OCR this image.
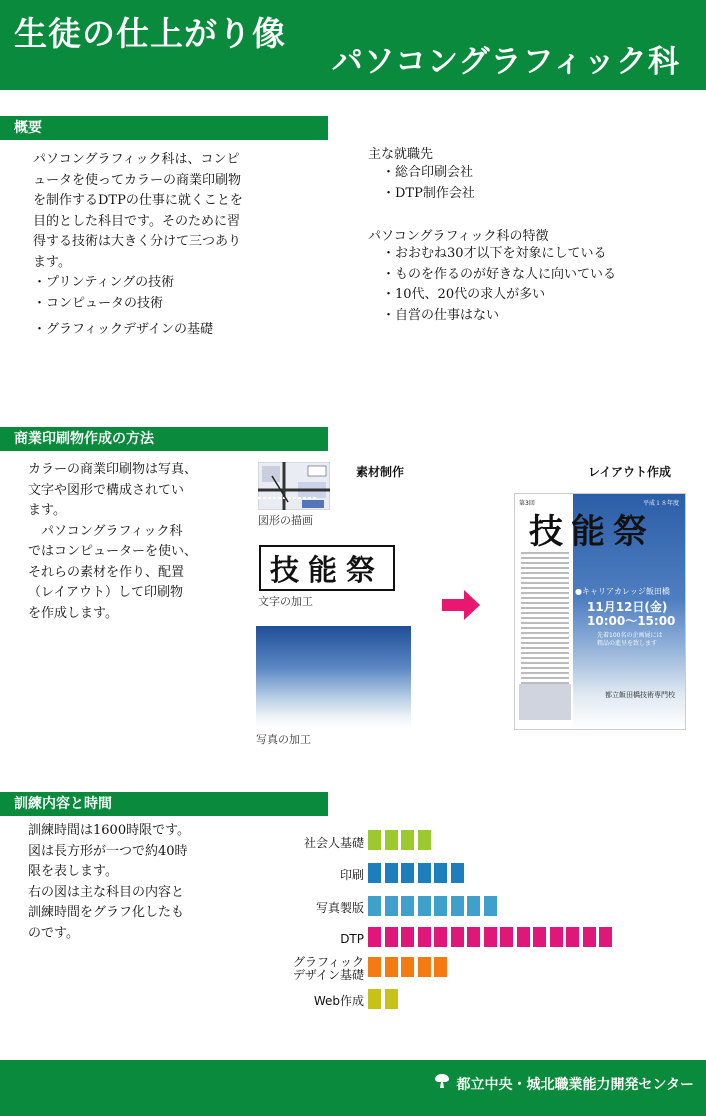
生徒の仕上がり像
パソコングラフィック科
概要
パソコングラフィック科は、コンピ
ュータを使ってカラーの商業印刷物
を制作するDTPの仕事に就くことを
目的とした科目です。そのために習
得する技術は大きく分けて三つあり
ます。
・プリンティングの技術
・コンピュータの技術
・グラフィックデザインの基礎
主な就職先
・総合印刷会社
・DTP制作会社
パソコングラフィック科の特徴
・おおむね30才以下を対象にしている
・ものを作るのが好きな人に向いている
・10代、20代の求人が多い
・自営の仕事はない
商業印刷物作成の方法
カラーの商業印刷物は写真、
文字や図形で構成されてい
ます。
　パソコングラフィック科
ではコンピューターを使い、
それらの素材を作り、配置
（レイアウト）して印刷物
を作成します。
素材制作	レイアウト作成
図形の描画
技能祭
文字の加工
写真の加工
第3回	平成１８年度
技能祭
●キャリアカレッジ飯田橋
11月12日(金)
10:00～15:00
先着100名の企画展には
粗品の進呈を致します
都立飯田橋技術専門校
訓練内容と時間
訓練時間は1600時限です。
図は長方形が一つで約40時
限を表します。
右の図は主な科目の内容と
訓練時間をグラフ化したも
のです。
社会人基礎
印刷
写真製版
DTP
グラフィック
デザイン基礎
Web作成
都立中央・城北職業能力開発センター
